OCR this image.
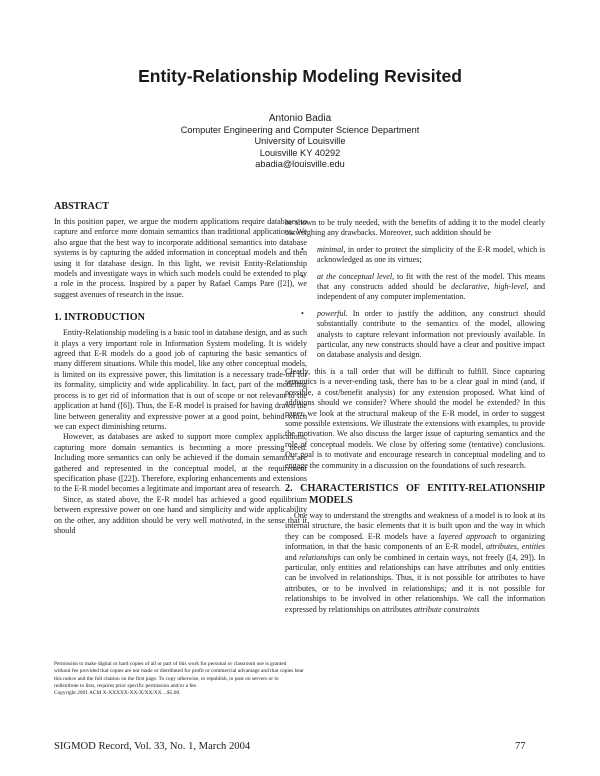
Entity-Relationship Modeling Revisited
Antonio Badia
Computer Engineering and Computer Science Department
University of Louisville
Louisville KY 40292
abadia@louisville.edu
ABSTRACT

In this position paper, we argue the modern applications require databases to capture and enforce more domain semantics than traditional applications. We also argue that the best way to incorporate additional semantics into database systems is by capturing the added information in conceptual models and then using it for database design. In this light, we revisit Entity-Relationship models and investigate ways in which such models could be extended to play a role in the process. Inspired by a paper by Rafael Camps Pare ([2]), we suggest avenues of research in the issue.

1. INTRODUCTION

Entity-Relationship modeling is a basic tool in database design, and as such it plays a very important role in Information System modeling. It is widely agreed that E-R models do a good job of capturing the basic semantics of many different situations. While this model, like any other conceptual models, is limited on its expressive power, this limitation is a necessary trade-off for its formality, simplicity and wide applicability. In fact, part of the modeling process is to get rid of information that is out of scope or not relevant to the application at hand ([6]). Thus, the E-R model is praised for having drawn the line between generality and expressive power at a good point, behind which we can expect diminishing returns.

However, as databases are asked to support more complex applications, capturing more domain semantics is becoming a more pressing need. Including more semantics can only be achieved if the domain semantics are gathered and represented in the conceptual model, at the requirement specification phase ([22]). Therefore, exploring enhancements and extensions to the E-R model becomes a legitimate and important area of research.

Since, as stated above, the E-R model has achieved a good equilibrium between expressive power on one hand and simplicity and wide applicability on the other, any addition should be very well motivated, in the sense that it should

be shown to be truly needed, with the benefits of adding it to the model clearly outweighing any drawbacks. Moreover, such addition should be

• minimal, in order to protect the simplicity of the E-R model, which is acknowledged as one its virtues;
• at the conceptual level, to fit with the rest of the model. This means that any constructs added should be declarative, high-level, and independent of any computer implementation.
• powerful. In order to justify the addition, any construct should substantially contribute to the semantics of the model, allowing analysts to capture relevant information not previously available. In particular, any new constructs should have a clear and positive impact on database analysis and design.

Clearly, this is a tall order that will be difficult to fulfill. Since capturing semantics is a never-ending task, there has to be a clear goal in mind (and, if possible, a cost/benefit analysis) for any extension proposed. What kind of additions should we consider? Where should the model be extended? In this paper, we look at the structural makeup of the E-R model, in order to suggest some possible extensions. We illustrate the extensions with examples, to provide the motivation. We also discuss the larger issue of capturing semantics and the role of conceptual models. We close by offering some (tentative) conclusions. Our goal is to motivate and encourage research in conceptual modeling and to engage the community in a discussion on the foundations of such research.

2. CHARACTERISTICS OF ENTITY-RELATIONSHIP MODELS

One way to understand the strengths and weakness of a model is to look at its internal structure, the basic elements that it is built upon and the way in which they can be composed. E-R models have a layered approach to organizing information, in that the basic components of an E-R model, attributes, entities and relationships can only be combined in certain ways, not freely ([4, 29]). In particular, only entities and relationships can have attributes and only entities can be involved in relationships. Thus, it is not possible for attributes to have attributes, or to be involved in relationships; and it is not possible for relationships to be involved in other relationships. We call the information expressed by relationships on attributes attribute constraints

Permission to make digital or hard copies of all or part of this work for personal or classroom use is granted without fee provided that copies are not made or distributed for profit or commercial advantage and that copies bear this notice and the full citation on the first page. To copy otherwise, to republish, to post on servers or to redistribute to lists, requires prior specific permission and/or a fee.
Copyright 2001 ACM X-XXXXX-XX-X/XX/XX ...$5.00.
SIGMOD Record, Vol. 33, No. 1, March 2004	77
